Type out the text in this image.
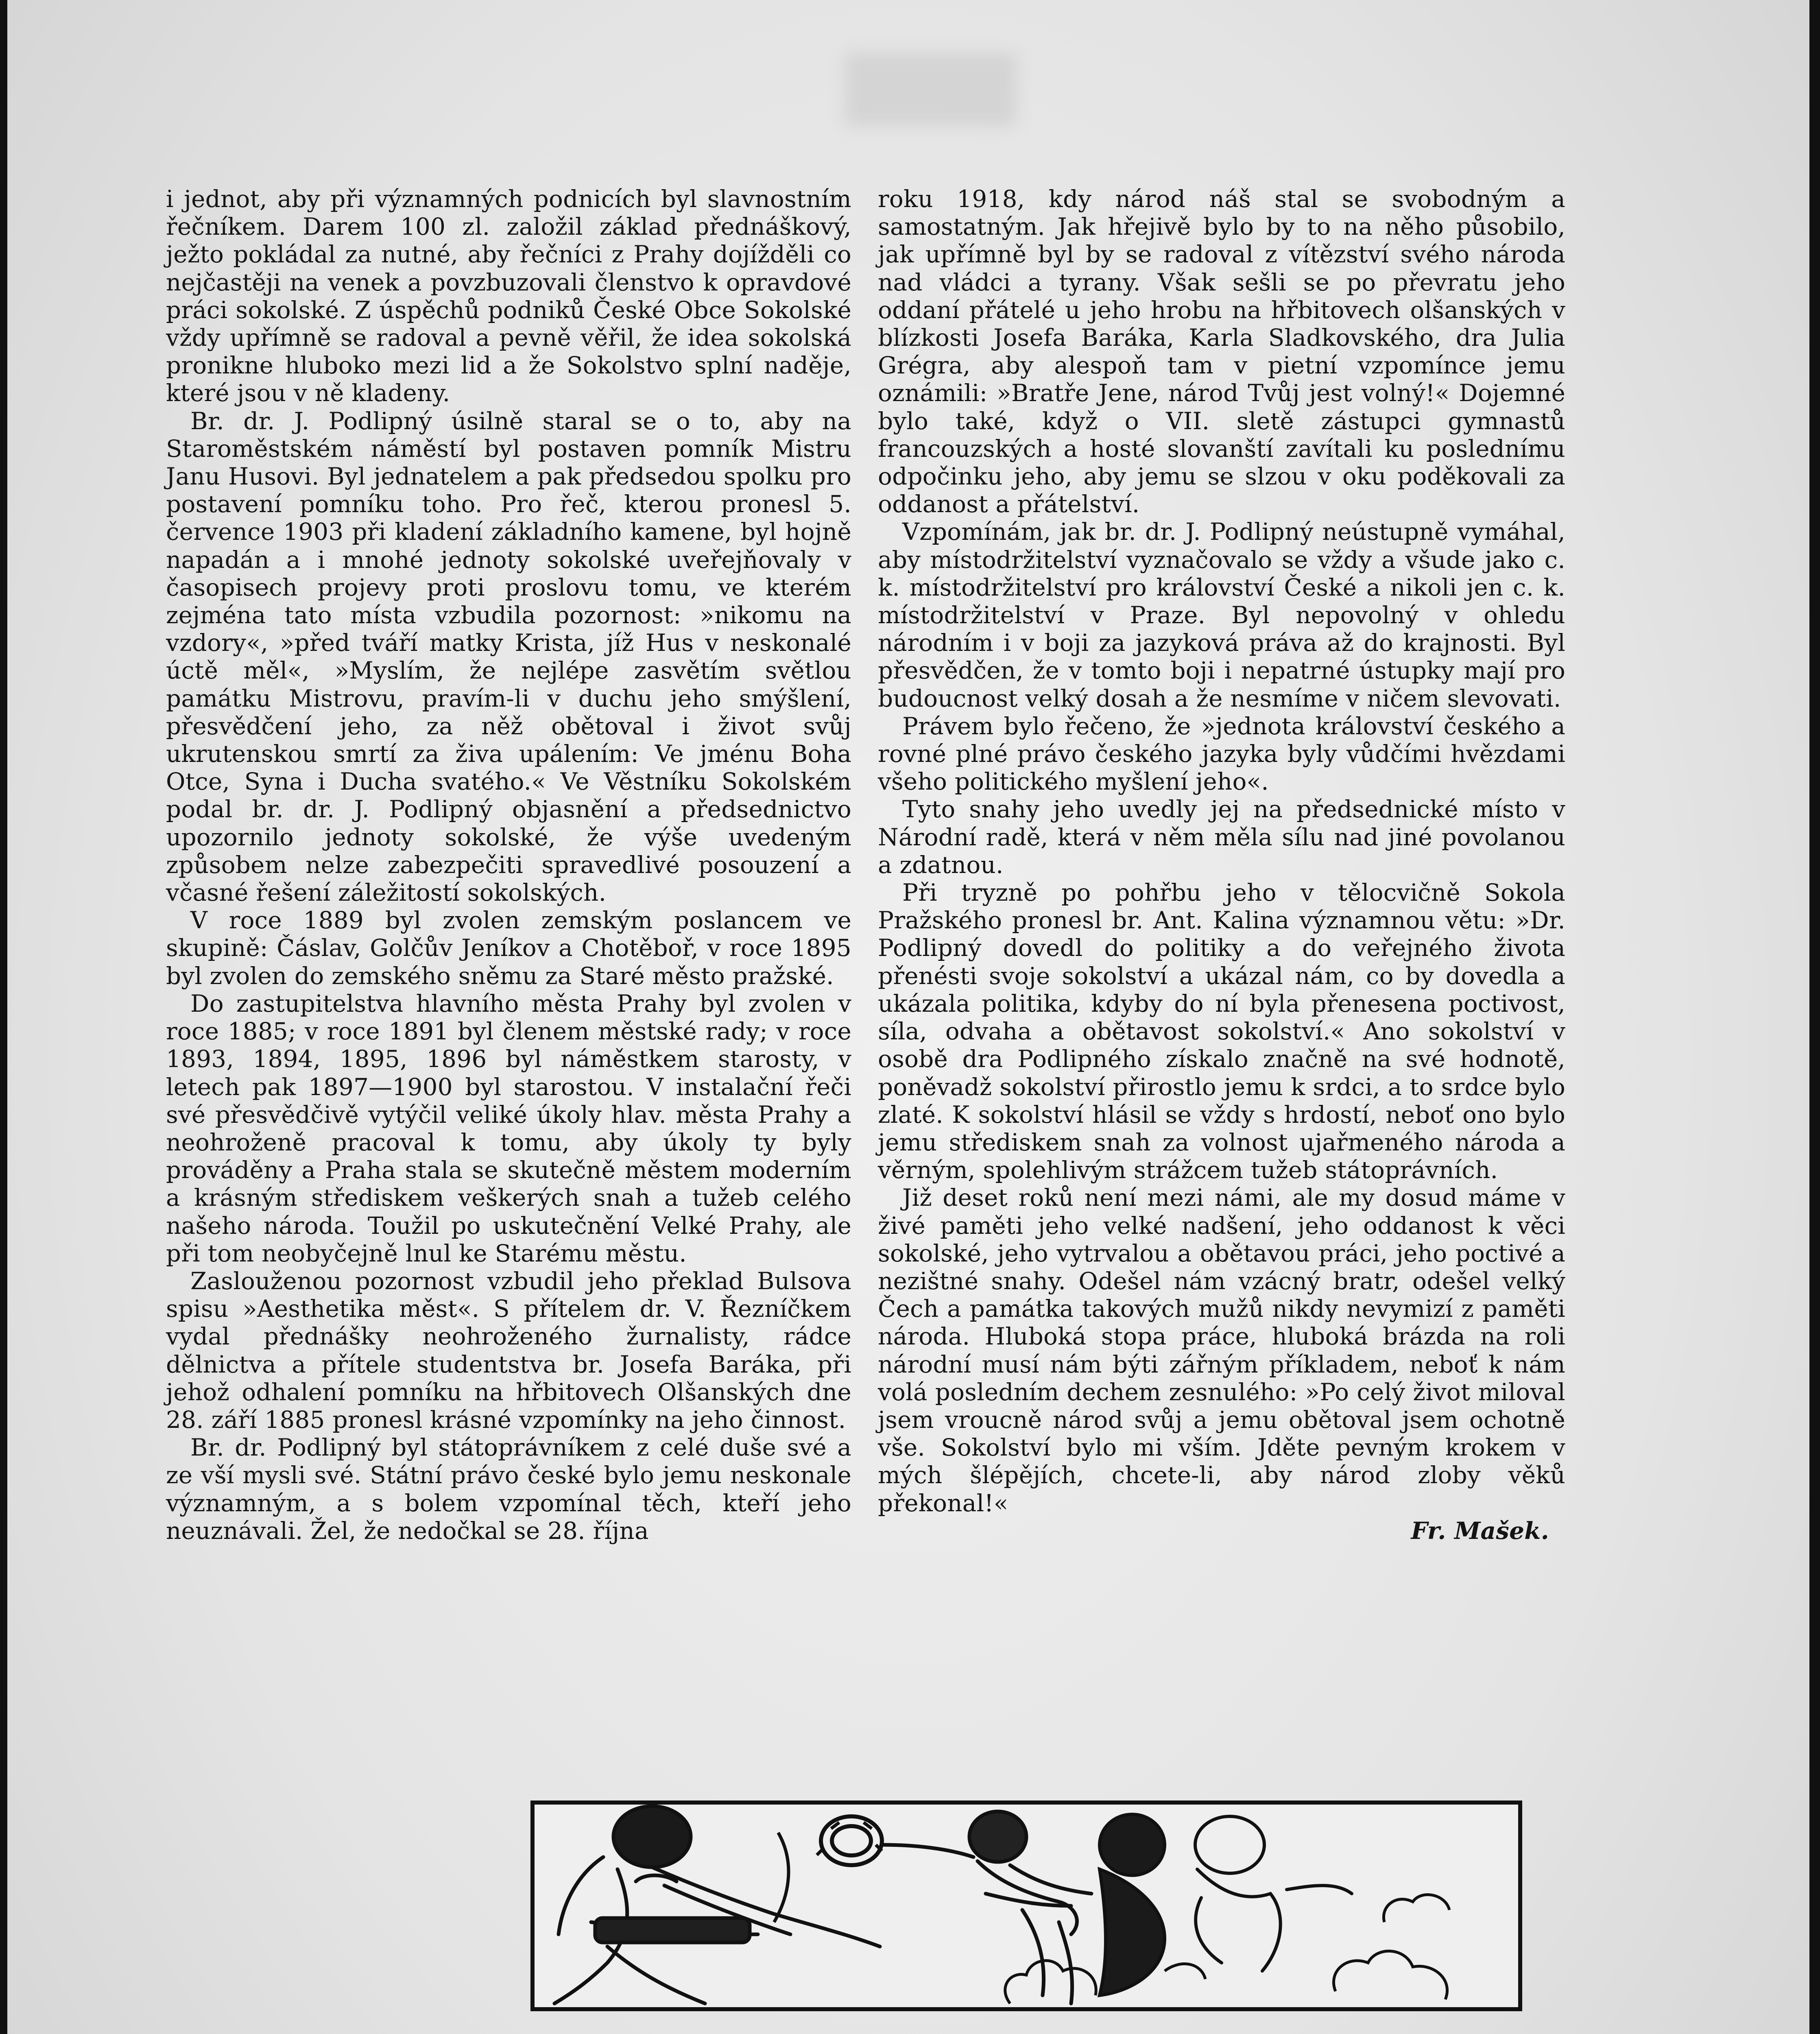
i jednot, aby při významných podnicích byl slavnostním řečníkem. Darem 100 zl. založil základ přednáškový, ježto pokládal za nutné, aby řečníci z Prahy dojížděli co nejčastěji na venek a povzbuzovali členstvo k opravdové práci sokolské. Z úspěchů podniků České Obce Sokolské vždy upřímně se radoval a pevně věřil, že idea sokolská pronikne hluboko mezi lid a že Sokolstvo splní naděje, které jsou v ně kladeny.

Br. dr. J. Podlipný úsilně staral se o to, aby na Staroměstském náměstí byl postaven pomník Mistru Janu Husovi. Byl jednatelem a pak předsedou spolku pro postavení pomníku toho. Pro řeč, kterou pronesl 5. července 1903 při kladení základního kamene, byl hojně napadán a i mnohé jednoty sokolské uveřejňovaly v časopisech projevy proti proslovu tomu, ve kterém zejména tato místa vzbudila pozornost: »nikomu na vzdory«, »před tváří matky Krista, jíž Hus v neskonalé úctě měl«, »Myslím, že nejlépe zasvětím světlou památku Mistrovu, pravím-li v duchu jeho smýšlení, přesvědčení jeho, za něž obětoval i život svůj ukrutenskou smrtí za živa upálením: Ve jménu Boha Otce, Syna i Ducha svatého.« Ve Věstníku Sokolském podal br. dr. J. Podlipný objasnění a předsednictvo upozornilo jednoty sokolské, že výše uvedeným způsobem nelze zabezpečiti spravedlivé posouzení a včasné řešení záležitostí sokolských.

V roce 1889 byl zvolen zemským poslancem ve skupině: Čáslav, Golčův Jeníkov a Chotěboř, v roce 1895 byl zvolen do zemského sněmu za Staré město pražské.

Do zastupitelstva hlavního města Prahy byl zvolen v roce 1885; v roce 1891 byl členem městské rady; v roce 1893, 1894, 1895, 1896 byl náměstkem starosty, v letech pak 1897—1900 byl starostou. V instalační řeči své přesvědčivě vytýčil veliké úkoly hlav. města Prahy a neohroženě pracoval k tomu, aby úkoly ty byly prováděny a Praha stala se skutečně městem moderním a krásným střediskem veškerých snah a tužeb celého našeho národa. Toužil po uskutečnění Velké Prahy, ale při tom neobyčejně lnul ke Starému městu.

Zaslouženou pozornost vzbudil jeho překlad Bulsova spisu »Aesthetika měst«. S přítelem dr. V. Řezníčkem vydal přednášky neohroženého žurnalisty, rádce dělnictva a přítele studentstva br. Josefa Baráka, při jehož odhalení pomníku na hřbitovech Olšanských dne 28. září 1885 pronesl krásné vzpomínky na jeho činnost.

Br. dr. Podlipný byl státoprávníkem z celé duše své a ze vší mysli své. Státní právo české bylo jemu neskonale významným, a s bolem vzpomínal těch, kteří jeho neuznávali. Žel, že nedočkal se 28. října

roku 1918, kdy národ náš stal se svobodným a samostatným. Jak hřejivě bylo by to na něho působilo, jak upřímně byl by se radoval z vítězství svého národa nad vládci a tyrany. Však sešli se po převratu jeho oddaní přátelé u jeho hrobu na hřbitovech olšanských v blízkosti Josefa Baráka, Karla Sladkovského, dra Julia Grégra, aby alespoň tam v pietní vzpomínce jemu oznámili: »Bratře Jene, národ Tvůj jest volný!« Dojemné bylo také, když o VII. sletě zástupci gymnastů francouzských a hosté slovanští zavítali ku poslednímu odpočinku jeho, aby jemu se slzou v oku poděkovali za oddanost a přátelství.

Vzpomínám, jak br. dr. J. Podlipný neústupně vymáhal, aby místodržitelství vyznačovalo se vždy a všude jako c. k. místodržitelství pro království České a nikoli jen c. k. místodržitelství v Praze. Byl nepovolný v ohledu národním i v boji za jazyková práva až do krajnosti. Byl přesvědčen, že v tomto boji i nepatrné ústupky mají pro budoucnost velký dosah a že nesmíme v ničem slevovati.

Právem bylo řečeno, že »jednota království českého a rovné plné právo českého jazyka byly vůdčími hvězdami všeho politického myšlení jeho«.

Tyto snahy jeho uvedly jej na předsednické místo v Národní radě, která v něm měla sílu nad jiné povolanou a zdatnou.

Při tryzně po pohřbu jeho v tělocvičně Sokola Pražského pronesl br. Ant. Kalina významnou větu: »Dr. Podlipný dovedl do politiky a do veřejného života přenésti svoje sokolství a ukázal nám, co by dovedla a ukázala politika, kdyby do ní byla přenesena poctivost, síla, odvaha a obětavost sokolství.« Ano sokolství v osobě dra Podlipného získalo značně na své hodnotě, poněvadž sokolství přirostlo jemu k srdci, a to srdce bylo zlaté. K sokolství hlásil se vždy s hrdostí, neboť ono bylo jemu střediskem snah za volnost ujařmeného národa a věrným, spolehlivým strážcem tužeb státoprávních.

Již deset roků není mezi námi, ale my dosud máme v živé paměti jeho velké nadšení, jeho oddanost k věci sokolské, jeho vytrvalou a obětavou práci, jeho poctivé a nezištné snahy. Odešel nám vzácný bratr, odešel velký Čech a památka takových mužů nikdy nevymizí z paměti národa. Hluboká stopa práce, hluboká brázda na roli národní musí nám býti zářným příkladem, neboť k nám volá posledním dechem zesnulého: »Po celý život miloval jsem vroucně národ svůj a jemu obětoval jsem ochotně vše. Sokolství bylo mi vším. Jděte pevným krokem v mých šlépějích, chcete-li, aby národ zloby věků překonal!«

Fr. Mašek.
